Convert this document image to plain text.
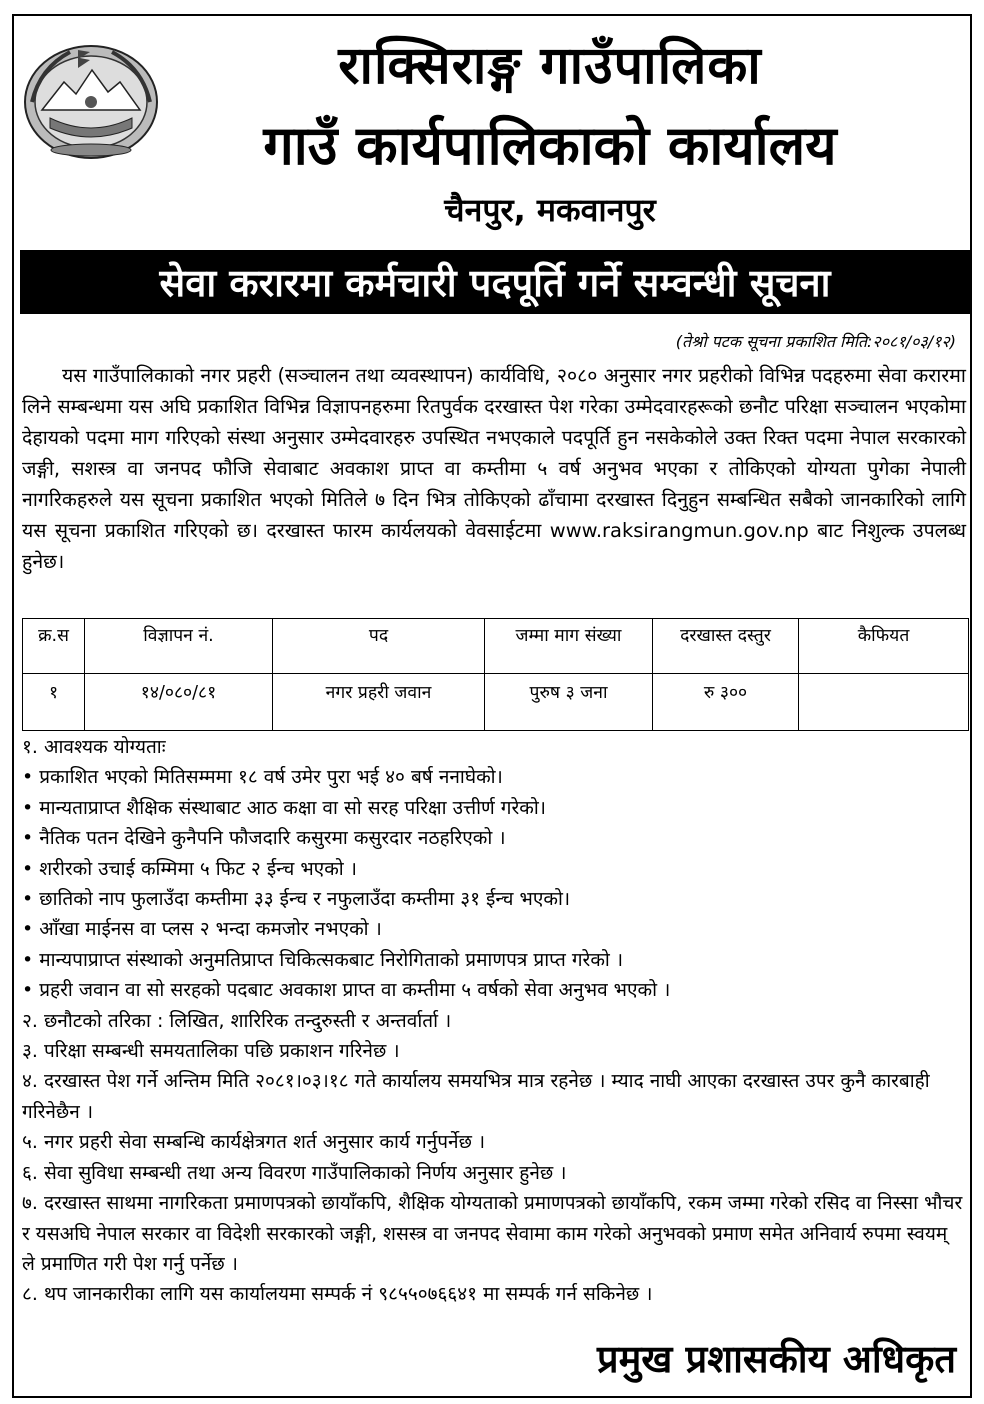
राक्सिराङ्ग गाउँपालिका
गाउँ कार्यपालिकाको कार्यालय
चैनपुर, मकवानपुर
सेवा करारमा कर्मचारी पदपूर्ति गर्ने सम्वन्धी सूचना
(तेश्रो पटक सूचना प्रकाशित मिति:२०८१/०३/१२)
यस गाउँपालिकाको नगर प्रहरी (सञ्चालन तथा व्यवस्थापन) कार्यविधि, २०८० अनुसार नगर प्रहरीको विभिन्न पदहरुमा सेवा करारमा लिने सम्बन्धमा यस अघि प्रकाशित विभिन्न विज्ञापनहरुमा रितपुर्वक दरखास्त पेश गरेका उम्मेदवारहरूको छनौट परिक्षा सञ्चालन भएकोमा देहायको पदमा माग गरिएको संस्था अनुसार उम्मेदवारहरु उपस्थित नभएकाले पदपूर्ति हुन नसकेकोले उक्त रिक्त पदमा नेपाल सरकारको जङ्गी, सशस्त्र वा जनपद फौजि सेवाबाट अवकाश प्राप्त वा कम्तीमा ५ वर्ष अनुभव भएका र तोकिएको योग्यता पुगेका नेपाली नागरिकहरुले यस सूचना प्रकाशित भएको मितिले ७ दिन भित्र तोकिएको ढाँचामा दरखास्त दिनुहुन सम्बन्धित सबैको जानकारिको लागि यस सूचना प्रकाशित गरिएको छ। दरखास्त फारम कार्यलयको वेवसाईटमा www.raksirangmun.gov.np बाट निशुल्क उपलब्ध हुनेछ।
क्र.स	विज्ञापन नं.	पद	जम्मा माग संख्या	दरखास्त दस्तुर	कैफियत
१	१४/०८०/८१	नगर प्रहरी जवान	पुरुष ३ जना	रु ३००	
१. आवश्यक योग्यताः
• प्रकाशित भएको मितिसम्ममा १८ वर्ष उमेर पुरा भई ४० बर्ष ननाघेको।
• मान्यताप्राप्त शैक्षिक संस्थाबाट आठ कक्षा वा सो सरह परिक्षा उत्तीर्ण गरेको।
• नैतिक पतन देखिने कुनैपनि फौजदारि कसुरमा कसुरदार नठहरिएको ।
• शरीरको उचाई कम्मिमा ५ फिट २ ईन्च भएको ।
• छातिको नाप फुलाउँदा कम्तीमा ३३ ईन्च र नफुलाउँदा कम्तीमा ३१ ईन्च भएको।
• आँखा माईनस वा प्लस २ भन्दा कमजोर नभएको ।
• मान्यपाप्राप्त संस्थाको अनुमतिप्राप्त चिकित्सकबाट निरोगिताको प्रमाणपत्र प्राप्त गरेको ।
• प्रहरी जवान वा सो सरहको पदबाट अवकाश प्राप्त वा कम्तीमा ५ वर्षको सेवा अनुभव भएको ।
२. छनौटको तरिका : लिखित, शारिरिक तन्दुरुस्ती र अन्तर्वार्ता ।
३. परिक्षा सम्बन्धी समयतालिका पछि प्रकाशन गरिनेछ ।
४. दरखास्त पेश गर्ने अन्तिम मिति २०८१।०३।१८ गते कार्यालय समयभित्र मात्र रहनेछ । म्याद नाघी आएका दरखास्त उपर कुनै कारबाही गरिनेछैन ।
५. नगर प्रहरी सेवा सम्बन्धि कार्यक्षेत्रगत शर्त अनुसार कार्य गर्नुपर्नेछ ।
६. सेवा सुविधा सम्बन्धी तथा अन्य विवरण गाउँपालिकाको निर्णय अनुसार हुनेछ ।
७. दरखास्त साथमा नागरिकता प्रमाणपत्रको छायाँकपि, शैक्षिक योग्यताको प्रमाणपत्रको छायाँकपि, रकम जम्मा गरेको रसिद वा निस्सा भौचर र यसअघि नेपाल सरकार वा विदेशी सरकारको जङ्गी, शसस्त्र वा जनपद सेवामा काम गरेको अनुभवको प्रमाण समेत अनिवार्य रुपमा स्वयम् ले प्रमाणित गरी पेश गर्नु पर्नेछ ।
८. थप जानकारीका लागि यस कार्यालयमा सम्पर्क नं ९८५५०७६६४१ मा सम्पर्क गर्न सकिनेछ ।
प्रमुख प्रशासकीय अधिकृत
